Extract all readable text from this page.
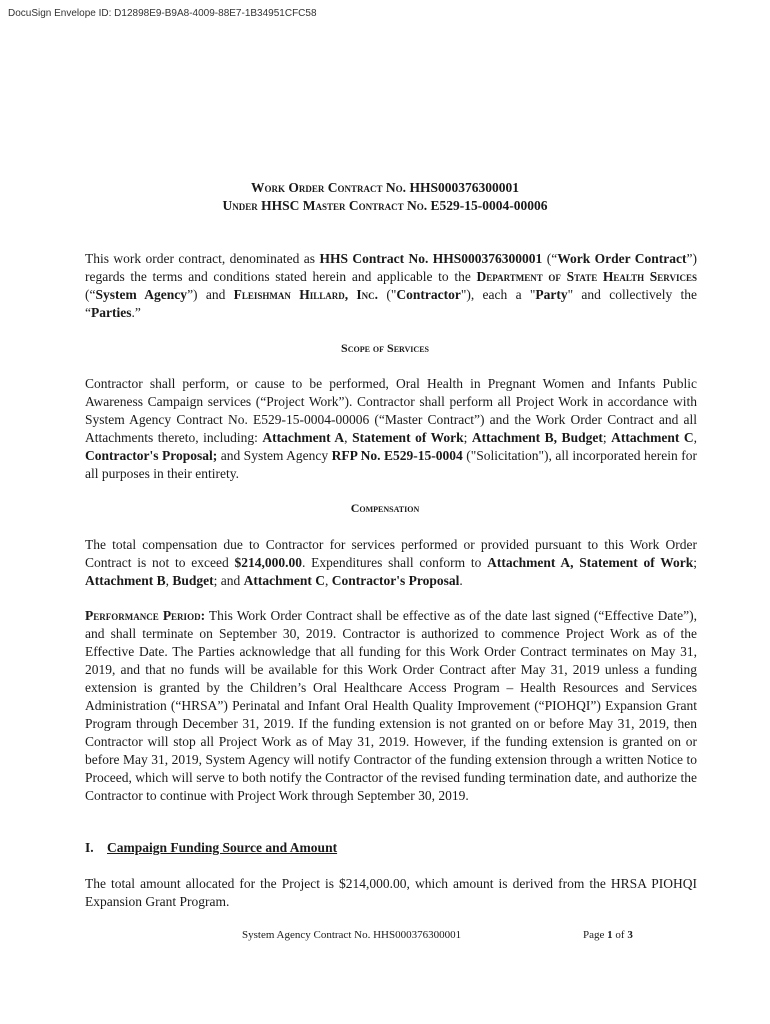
DocuSign Envelope ID: D12898E9-B9A8-4009-88E7-1B34951CFC58
Work Order Contract No. HHS000376300001
Under HHSC Master Contract No. E529-15-0004-00006
This work order contract, denominated as HHS Contract No. HHS000376300001 (“Work Order Contract”) regards the terms and conditions stated herein and applicable to the Department of State Health Services (“System Agency”) and Fleishman Hillard, Inc. ("Contractor"), each a "Party" and collectively the “Parties.”
Scope of Services
Contractor shall perform, or cause to be performed, Oral Health in Pregnant Women and Infants Public Awareness Campaign services (“Project Work”). Contractor shall perform all Project Work in accordance with System Agency Contract No. E529-15-0004-00006 (“Master Contract”) and the Work Order Contract and all Attachments thereto, including: Attachment A, Statement of Work; Attachment B, Budget; Attachment C, Contractor's Proposal; and System Agency RFP No. E529-15-0004 ("Solicitation"), all incorporated herein for all purposes in their entirety.
Compensation
The total compensation due to Contractor for services performed or provided pursuant to this Work Order Contract is not to exceed $214,000.00. Expenditures shall conform to Attachment A, Statement of Work; Attachment B, Budget; and Attachment C, Contractor's Proposal.
Performance Period: This Work Order Contract shall be effective as of the date last signed (“Effective Date”), and shall terminate on September 30, 2019. Contractor is authorized to commence Project Work as of the Effective Date. The Parties acknowledge that all funding for this Work Order Contract terminates on May 31, 2019, and that no funds will be available for this Work Order Contract after May 31, 2019 unless a funding extension is granted by the Children’s Oral Healthcare Access Program – Health Resources and Services Administration (“HRSA”) Perinatal and Infant Oral Health Quality Improvement (“PIOHQI”) Expansion Grant Program through December 31, 2019. If the funding extension is not granted on or before May 31, 2019, then Contractor will stop all Project Work as of May 31, 2019. However, if the funding extension is granted on or before May 31, 2019, System Agency will notify Contractor of the funding extension through a written Notice to Proceed, which will serve to both notify the Contractor of the revised funding termination date, and authorize the Contractor to continue with Project Work through September 30, 2019.
I. Campaign Funding Source and Amount
The total amount allocated for the Project is $214,000.00, which amount is derived from the HRSA PIOHQI Expansion Grant Program.
System Agency Contract No. HHS000376300001	Page 1 of 3
